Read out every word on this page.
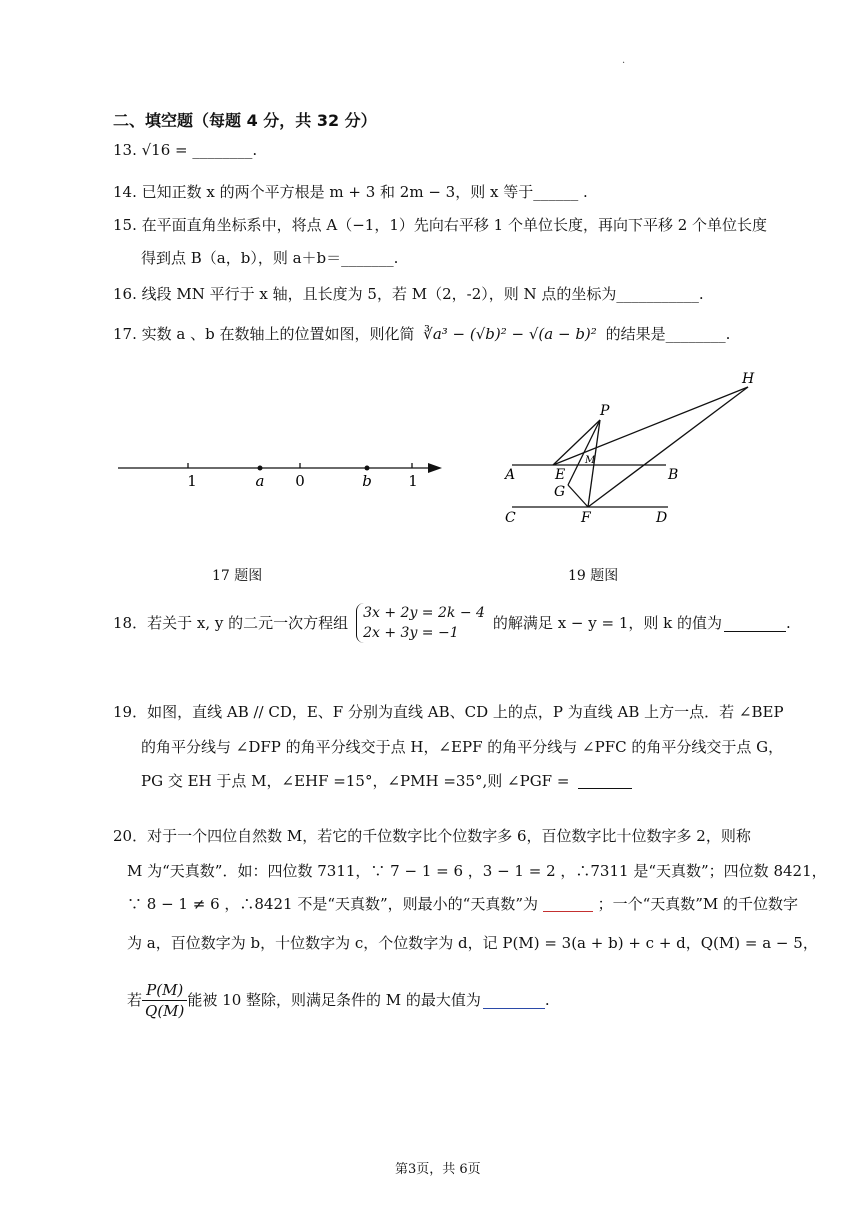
·
二、填空题（每题 4 分，共 32 分）
13. √16 = ________.
14. 已知正数 x 的两个平方根是 m + 3 和 2m − 3，则 x 等于______ .
15. 在平面直角坐标系中，将点 A（−1，1）先向右平移 1 个单位长度，再向下平移 2 个单位长度
得到点 B（a，b），则 a＋b＝_______.
16. 线段 MN 平行于 x 轴，且长度为 5，若 M（2，-2），则 N 点的坐标为___________.
17. 实数 a 、b 在数轴上的位置如图，则化简 ∛a³ − (√b)² − √(a − b)² 的结果是________.
1	a 0	b 1
H
P
M
A	E	B
G
C	F	D
17 题图	19 题图
18．若关于 x, y 的二元一次方程组
3x + 2y = 2k − 4
2x + 3y = −1
的解满足 x − y = 1，则 k 的值为	.
19．如图，直线 AB // CD，E、F 分别为直线 AB、CD 上的点，P 为直线 AB 上方一点．若 ∠BEP
的角平分线与 ∠DFP 的角平分线交于点 H，∠EPF 的角平分线与 ∠PFC 的角平分线交于点 G，
PG 交 EH 于点 M，∠EHF =15°，∠PMH =35°,则 ∠PGF =
20．对于一个四位自然数 M，若它的千位数字比个位数字多 6，百位数字比十位数字多 2，则称
M 为“天真数”．如：四位数 7311，∵ 7 − 1 = 6 ，3 − 1 = 2 ，∴7311 是“天真数”；四位数 8421，
∵ 8 − 1 ≠ 6 ，∴8421 不是“天真数”，则最小的“天真数”为	；一个“天真数”M 的千位数字
为 a，百位数字为 b，十位数字为 c，个位数字为 d，记 P(M) = 3(a + b) + c + d，Q(M) = a − 5，
若 $\frac{P(M)}{Q(M)}$ 能被 10 整除，则满足条件的 M 的最大值为	.
第3页，共 6页
